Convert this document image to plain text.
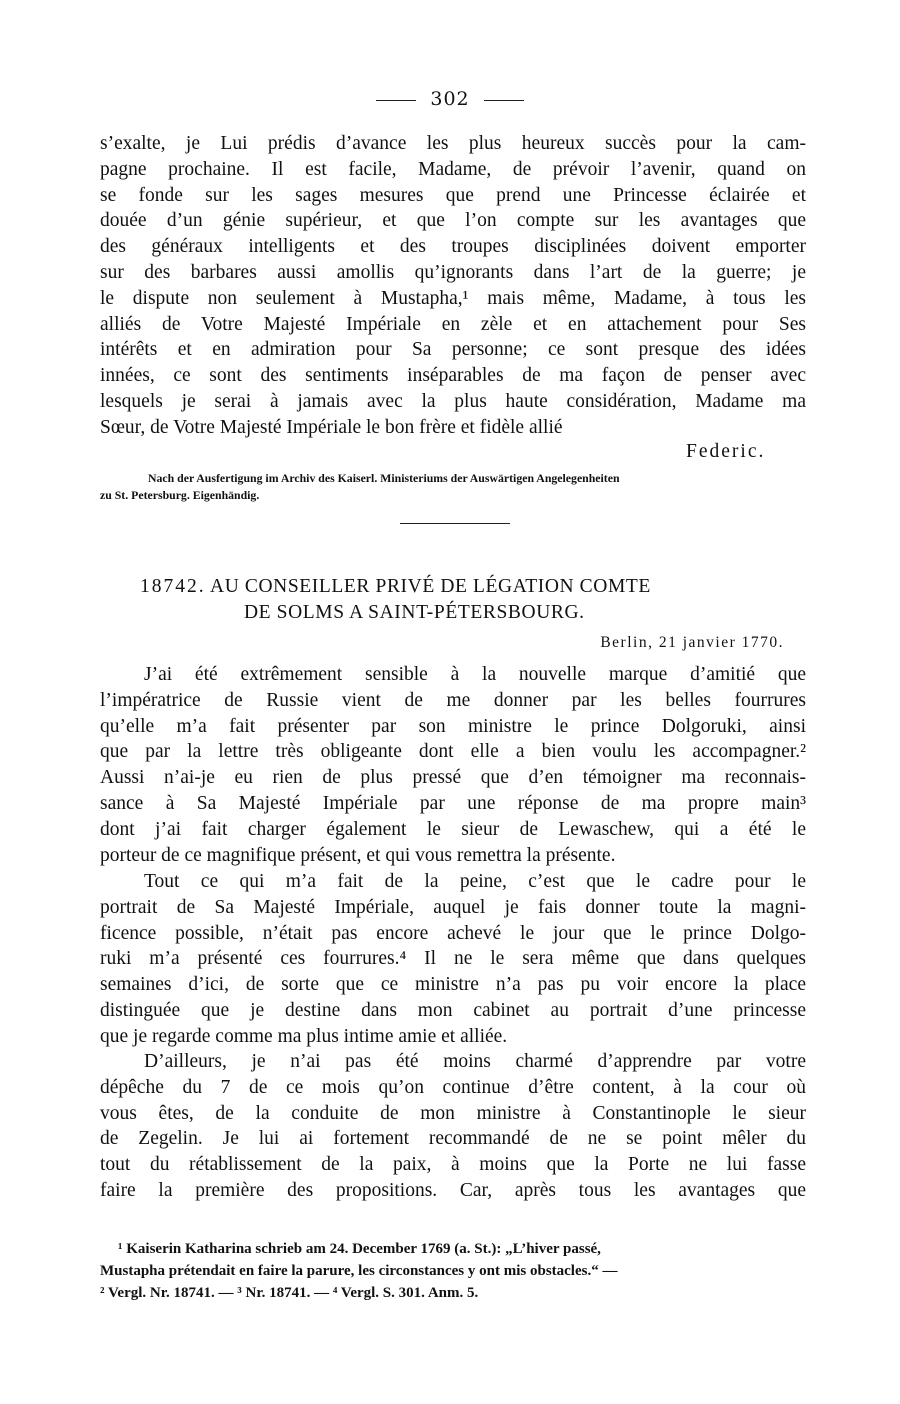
302
s’exalte, je Lui prédis d’avance les plus heureux succès pour la cam-
pagne prochaine. Il est facile, Madame, de prévoir l’avenir, quand on
se fonde sur les sages mesures que prend une Princesse éclairée et
douée d’un génie supérieur, et que l’on compte sur les avantages que
des généraux intelligents et des troupes disciplinées doivent emporter
sur des barbares aussi amollis qu’ignorants dans l’art de la guerre; je
le dispute non seulement à Mustapha,¹ mais même, Madame, à tous les
alliés de Votre Majesté Impériale en zèle et en attachement pour Ses
intérêts et en admiration pour Sa personne; ce sont presque des idées
innées, ce sont des sentiments inséparables de ma façon de penser avec
lesquels je serai à jamais avec la plus haute considération, Madame ma
Sœur, de Votre Majesté Impériale le bon frère et fidèle allié
Federic.
Nach der Ausfertigung im Archiv des Kaiserl. Ministeriums der Auswärtigen Angelegenheiten
zu St. Petersburg. Eigenhändig.
18742. AU CONSEILLER PRIVÉ DE LÉGATION COMTE
DE SOLMS A SAINT-PÉTERSBOURG.
Berlin, 21 janvier 1770.
J’ai été extrêmement sensible à la nouvelle marque d’amitié que
l’impératrice de Russie vient de me donner par les belles fourrures
qu’elle m’a fait présenter par son ministre le prince Dolgoruki, ainsi
que par la lettre très obligeante dont elle a bien voulu les accompagner.²
Aussi n’ai-je eu rien de plus pressé que d’en témoigner ma reconnais-
sance à Sa Majesté Impériale par une réponse de ma propre main³
dont j’ai fait charger également le sieur de Lewaschew, qui a été le
porteur de ce magnifique présent, et qui vous remettra la présente.
Tout ce qui m’a fait de la peine, c’est que le cadre pour le
portrait de Sa Majesté Impériale, auquel je fais donner toute la magni-
ficence possible, n’était pas encore achevé le jour que le prince Dolgo-
ruki m’a présenté ces fourrures.⁴ Il ne le sera même que dans quelques
semaines d’ici, de sorte que ce ministre n’a pas pu voir encore la place
distinguée que je destine dans mon cabinet au portrait d’une princesse
que je regarde comme ma plus intime amie et alliée.
D’ailleurs, je n’ai pas été moins charmé d’apprendre par votre
dépêche du 7 de ce mois qu’on continue d’être content, à la cour où
vous êtes, de la conduite de mon ministre à Constantinople le sieur
de Zegelin. Je lui ai fortement recommandé de ne se point mêler du
tout du rétablissement de la paix, à moins que la Porte ne lui fasse
faire la première des propositions. Car, après tous les avantages que
¹ Kaiserin Katharina schrieb am 24. December 1769 (a. St.): „L’hiver passé,
Mustapha prétendait en faire la parure, les circonstances y ont mis obstacles.“ —
² Vergl. Nr. 18741. — ³ Nr. 18741. — ⁴ Vergl. S. 301. Anm. 5.
